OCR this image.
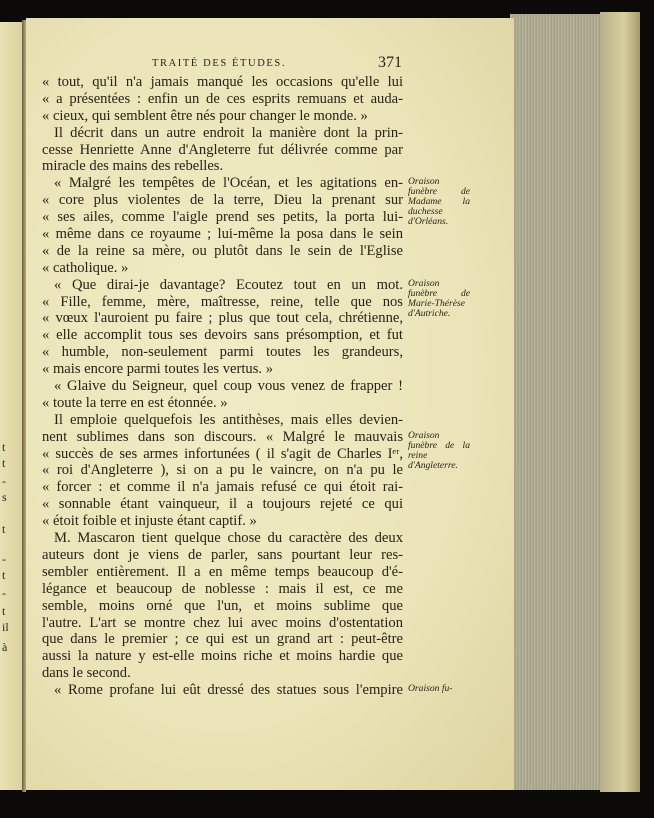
t
t
-
s
t
-
t
-
t
il
à
TRAITÉ DES ÉTUDES.	371
« tout, qu'il n'a jamais manqué les occasions qu'elle lui
« a présentées : enfin un de ces esprits remuans et auda-
« cieux, qui semblent être nés pour changer le monde. »
Il décrit dans un autre endroit la manière dont la prin-
cesse Henriette Anne d'Angleterre fut délivrée comme par
miracle des mains des rebelles.
« Malgré les tempêtes de l'Océan, et les agitations en-
« core plus violentes de la terre, Dieu la prenant sur
« ses ailes, comme l'aigle prend ses petits, la porta lui-
« même dans ce royaume ; lui-même la posa dans le sein
« de la reine sa mère, ou plutôt dans le sein de l'Eglise
« catholique. »
« Que dirai-je davantage? Ecoutez tout en un mot.
« Fille, femme, mère, maîtresse, reine, telle que nos
« vœux l'auroient pu faire ; plus que tout cela, chrétienne,
« elle accomplit tous ses devoirs sans présomption, et fut
« humble, non-seulement parmi toutes les grandeurs,
« mais encore parmi toutes les vertus. »
« Glaive du Seigneur, quel coup vous venez de frapper !
« toute la terre en est étonnée. »
Il emploie quelquefois les antithèses, mais elles devien-
nent sublimes dans son discours. « Malgré le mauvais
« succès de ses armes infortunées ( il s'agit de Charles Iᵉʳ,
« roi d'Angleterre ), si on a pu le vaincre, on n'a pu le
« forcer : et comme il n'a jamais refusé ce qui étoit rai-
« sonnable étant vainqueur, il a toujours rejeté ce qui
« étoit foible et injuste étant captif. »
M. Mascaron tient quelque chose du caractère des deux
auteurs dont je viens de parler, sans pourtant leur res-
sembler entièrement. Il a en même temps beaucoup d'é-
légance et beaucoup de noblesse : mais il est, ce me
semble, moins orné que l'un, et moins sublime que
l'autre. L'art se montre chez lui avec moins d'ostentation
que dans le premier ; ce qui est un grand art : peut-être
aussi la nature y est-elle moins riche et moins hardie que
dans le second.
« Rome profane lui eût dressé des statues sous l'empire
Oraison funèbre de Madame la duchesse d'Orléans.
Oraison funèbre de Marie-Thérèse d'Autriche.
Oraison funèbre de la reine d'Angleterre.
Oraison fu-
